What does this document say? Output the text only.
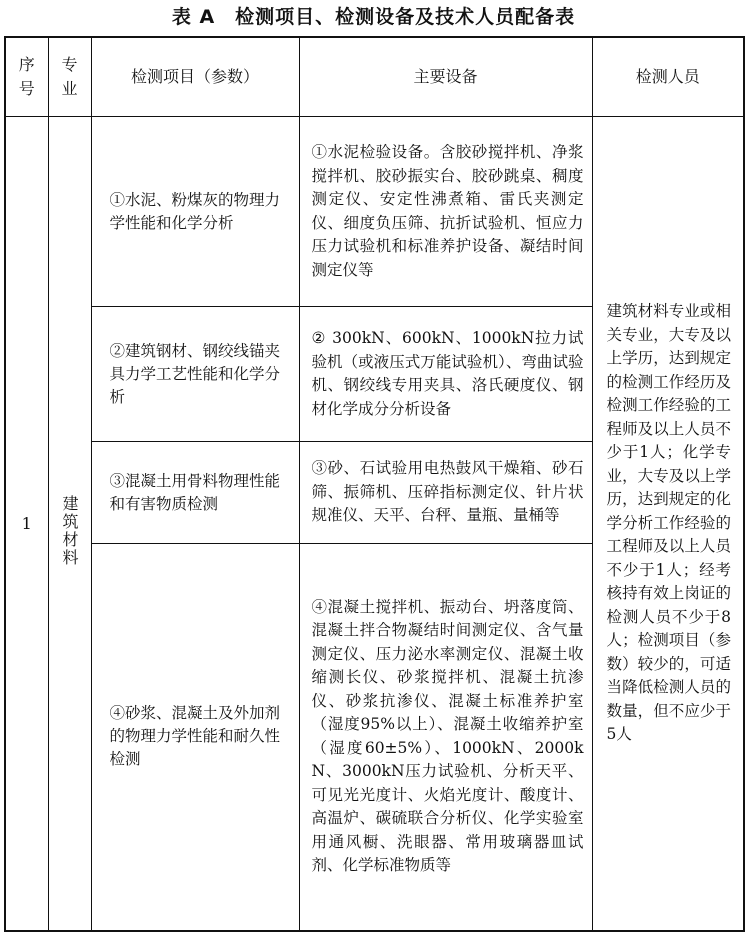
表 A　检测项目、检测设备及技术人员配备表
序号	专业	检测项目（参数）	主要设备	检测人员
1	建筑材料	①水泥、粉煤灰的物理力学性能和化学分析	①水泥检验设备。含胶砂搅拌机、净浆搅拌机、胶砂振实台、胶砂跳桌、稠度测定仪、安定性沸煮箱、雷氏夹测定仪、细度负压筛、抗折试验机、恒应力压力试验机和标准养护设备、凝结时间测定仪等	建筑材料专业或相关专业，大专及以上学历，达到规定的检测工作经历及检测工作经验的工程师及以上人员不少于1人；化学专业，大专及以上学历，达到规定的化学分析工作经验的工程师及以上人员不少于1人；经考核持有效上岗证的检测人员不少于8人；检测项目（参数）较少的，可适当降低检测人员的数量，但不应少于5人
		②建筑钢材、钢绞线锚夹具力学工艺性能和化学分析	② 300kN、600kN、1000kN拉力试验机（或液压式万能试验机）、弯曲试验机、钢绞线专用夹具、洛氏硬度仪、钢材化学成分分析设备	
		③混凝土用骨料物理性能和有害物质检测	③砂、石试验用电热鼓风干燥箱、砂石筛、振筛机、压碎指标测定仪、针片状规准仪、天平、台秤、量瓶、量桶等	
		④砂浆、混凝土及外加剂的物理力学性能和耐久性检测	④混凝土搅拌机、振动台、坍落度筒、混凝土拌合物凝结时间测定仪、含气量测定仪、压力泌水率测定仪、混凝土收缩测长仪、砂浆搅拌机、混凝土抗渗仪、砂浆抗渗仪、混凝土标准养护室（湿度95%以上）、混凝土收缩养护室（湿度60±5%）、1000kN、2000kN、3000kN压力试验机、分析天平、可见光光度计、火焰光度计、酸度计、高温炉、碳硫联合分析仪、化学实验室用通风橱、洗眼器、常用玻璃器皿试剂、化学标准物质等	
